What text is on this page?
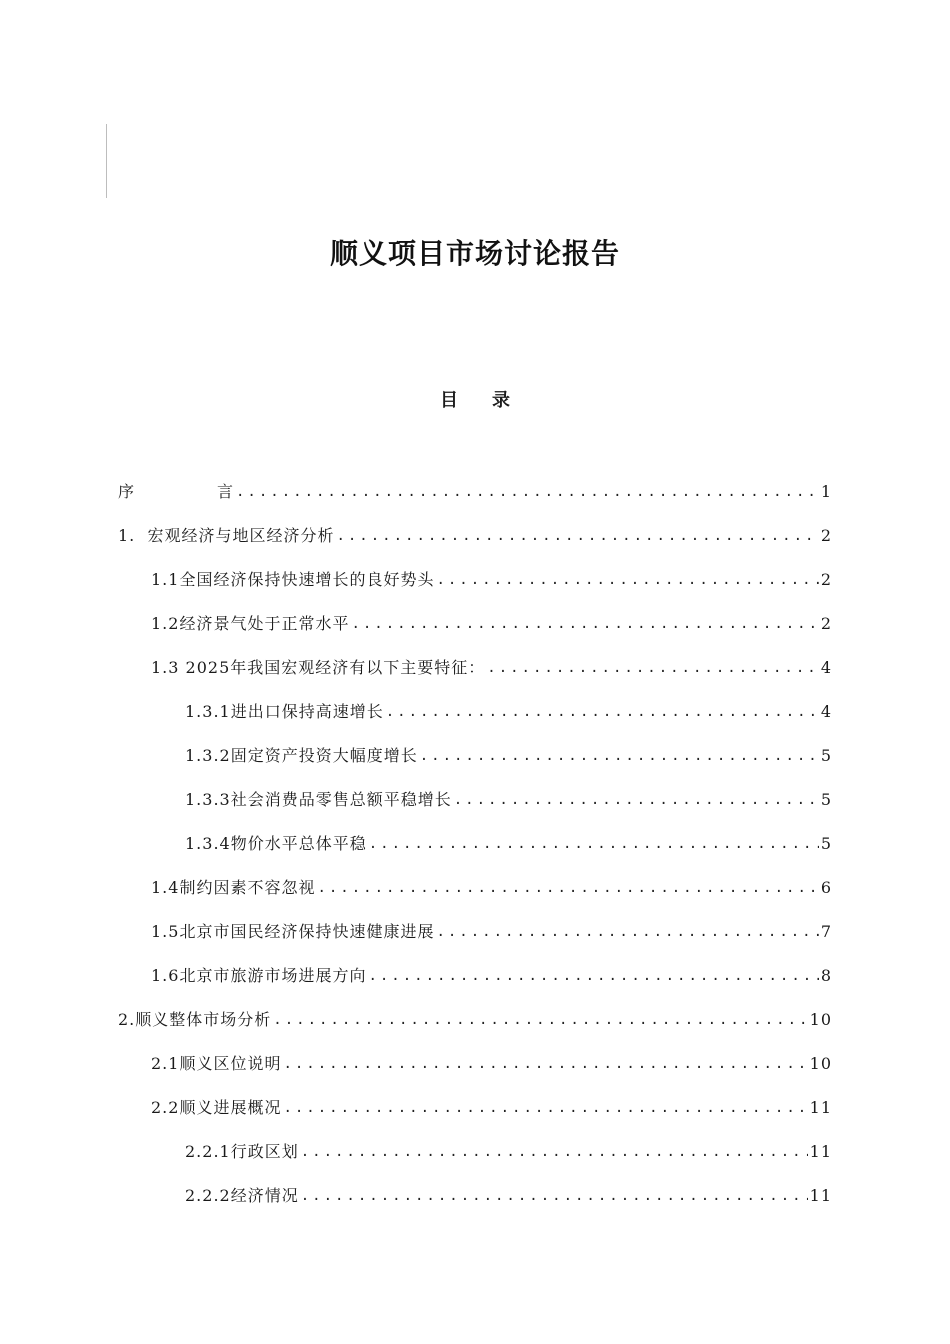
顺义项目市场讨论报告
目录
序	言 .....	1
1.  宏观经济与地区经济分析 .....	2
1.1全国经济保持快速增长的良好势头 .....	2
1.2经济景气处于正常水平 .....	2
1.3 2025年我国宏观经济有以下主要特征： .....	4
1.3.1进出口保持高速增长 .....	4
1.3.2固定资产投资大幅度增长 .....	5
1.3.3社会消费品零售总额平稳增长 .....	5
1.3.4物价水平总体平稳 .....	5
1.4制约因素不容忽视 .....	6
1.5北京市国民经济保持快速健康进展 .....	7
1.6北京市旅游市场进展方向 .....	8
2.顺义整体市场分析 .....	10
2.1顺义区位说明 .....	10
2.2顺义进展概况 .....	11
2.2.1行政区划 .....	11
2.2.2经济情况 .....	11
